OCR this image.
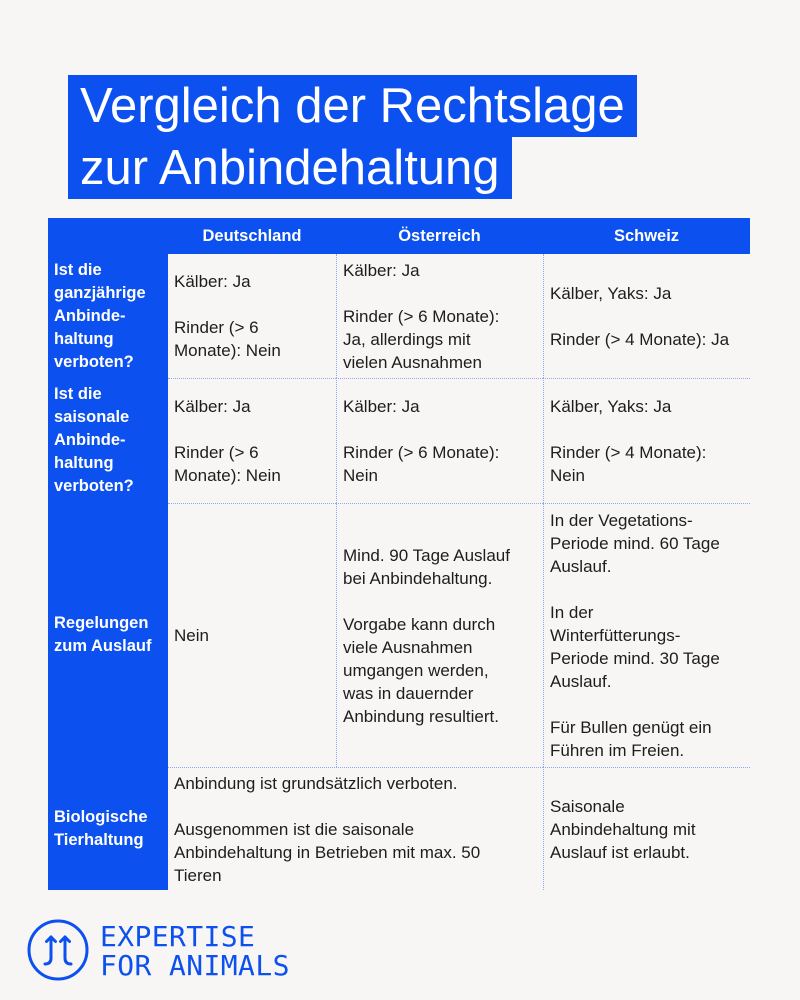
Vergleich der Rechtslage
zur Anbindehaltung
Deutschland	Österreich	Schweiz
Ist die
ganzjährige
Anbinde-
haltung
verboten?

Kälber: Ja

Rinder (> 6
Monate): Nein

Kälber: Ja

Rinder (> 6 Monate):
Ja, allerdings mit
vielen Ausnahmen

Kälber, Yaks: Ja

Rinder (> 4 Monate): Ja

Ist die
saisonale
Anbinde-
haltung
verboten?

Kälber: Ja

Rinder (> 6
Monate): Nein

Kälber: Ja

Rinder (> 6 Monate):
Nein

Kälber, Yaks: Ja

Rinder (> 4 Monate):
Nein

Regelungen
zum Auslauf

Nein

Mind. 90 Tage Auslauf
bei Anbindehaltung.

Vorgabe kann durch
viele Ausnahmen
umgangen werden,
was in dauernder
Anbindung resultiert.

In der Vegetations-
Periode mind. 60 Tage
Auslauf.

In der
Winterfütterungs-
Periode mind. 30 Tage
Auslauf.

Für Bullen genügt ein
Führen im Freien.

Biologische
Tierhaltung

Anbindung ist grundsätzlich verboten.

Ausgenommen ist die saisonale
Anbindehaltung in Betrieben mit max. 50
Tieren

Saisonale
Anbindehaltung mit
Auslauf ist erlaubt.

EXPERTISE
FOR ANIMALS
